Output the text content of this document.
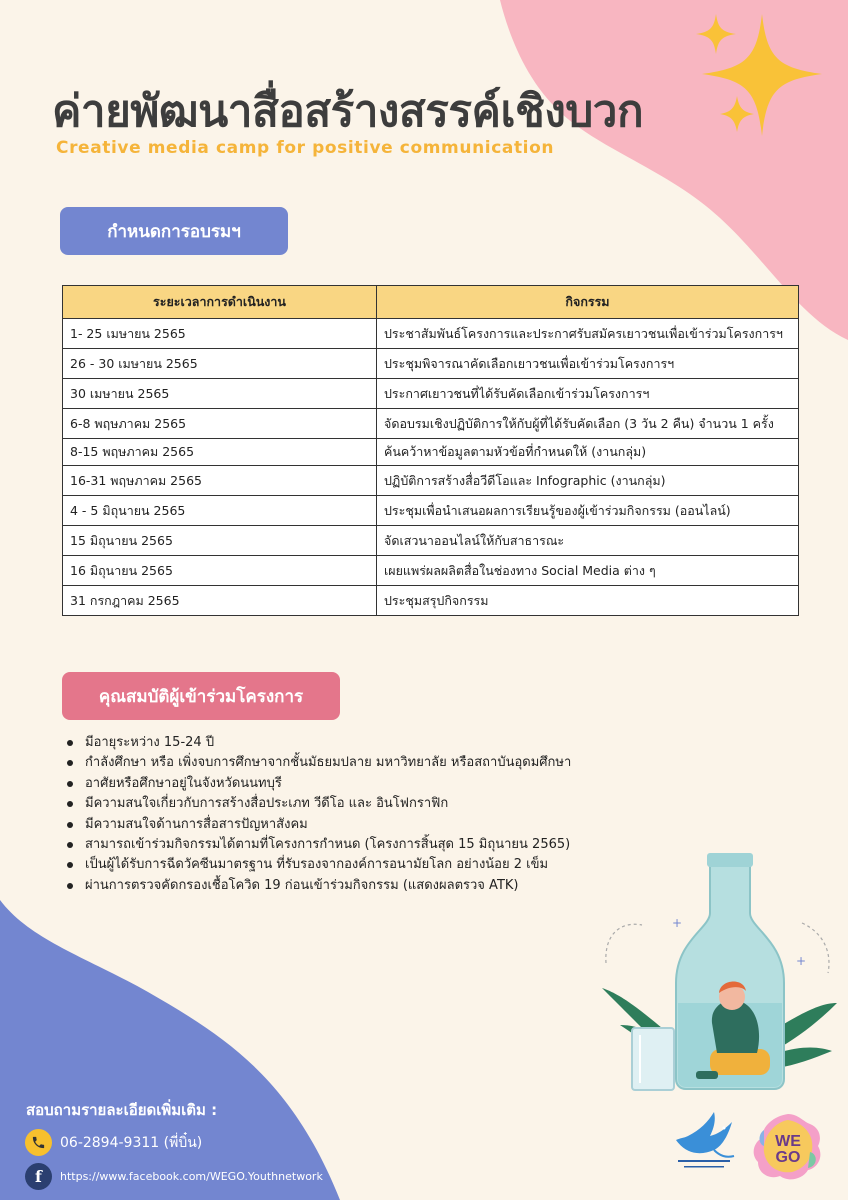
ค่ายพัฒนาสื่อสร้างสรรค์เชิงบวก

Creative media camp for positive communication

กำหนดการอบรมฯ
ระยะเวลาการดำเนินงาน	กิจกรรม
1- 25 เมษายน 2565	ประชาสัมพันธ์โครงการและประกาศรับสมัครเยาวชนเพื่อเข้าร่วมโครงการฯ
26 - 30 เมษายน 2565	ประชุมพิจารณาคัดเลือกเยาวชนเพื่อเข้าร่วมโครงการฯ
30 เมษายน 2565	ประกาศเยาวชนที่ได้รับคัดเลือกเข้าร่วมโครงการฯ
6-8 พฤษภาคม 2565	จัดอบรมเชิงปฏิบัติการให้กับผู้ที่ได้รับคัดเลือก (3 วัน 2 คืน) จำนวน 1 ครั้ง
8-15 พฤษภาคม 2565	ค้นคว้าหาข้อมูลตามหัวข้อที่กำหนดให้ (งานกลุ่ม)
16-31 พฤษภาคม 2565	ปฏิบัติการสร้างสื่อวีดีโอและ Infographic (งานกลุ่ม)
4 - 5 มิถุนายน 2565	ประชุมเพื่อนำเสนอผลการเรียนรู้ของผู้เข้าร่วมกิจกรรม (ออนไลน์)
15 มิถุนายน 2565	จัดเสวนาออนไลน์ให้กับสาธารณะ
16 มิถุนายน 2565	เผยแพร่ผลผลิตสื่อในช่องทาง Social Media ต่าง ๆ
31 กรกฎาคม 2565	ประชุมสรุปกิจกรรม
คุณสมบัติผู้เข้าร่วมโครงการ
มีอายุระหว่าง 15-24 ปี
กำลังศึกษา หรือ เพิ่งจบการศึกษาจากชั้นมัธยมปลาย มหาวิทยาลัย หรือสถาบันอุดมศึกษา
อาศัยหรือศึกษาอยู่ในจังหวัดนนทบุรี
มีความสนใจเกี่ยวกับการสร้างสื่อประเภท วีดีโอ และ อินโฟกราฟิก
มีความสนใจด้านการสื่อสารปัญหาสังคม
สามารถเข้าร่วมกิจกรรมได้ตามที่โครงการกำหนด (โครงการสิ้นสุด 15 มิถุนายน 2565)
เป็นผู้ได้รับการฉีดวัคซีนมาตรฐาน ที่รับรองจากองค์การอนามัยโลก อย่างน้อย 2 เข็ม
ผ่านการตรวจคัดกรองเชื้อโควิด 19 ก่อนเข้าร่วมกิจกรรม (แสดงผลตรวจ ATK)
+
+
สอบถามรายละเอียดเพิ่มเติม :
06-2894-9311 (พี่บิ๋น)
f	https://www.facebook.com/WEGO.Youthnetwork
WE
GO
